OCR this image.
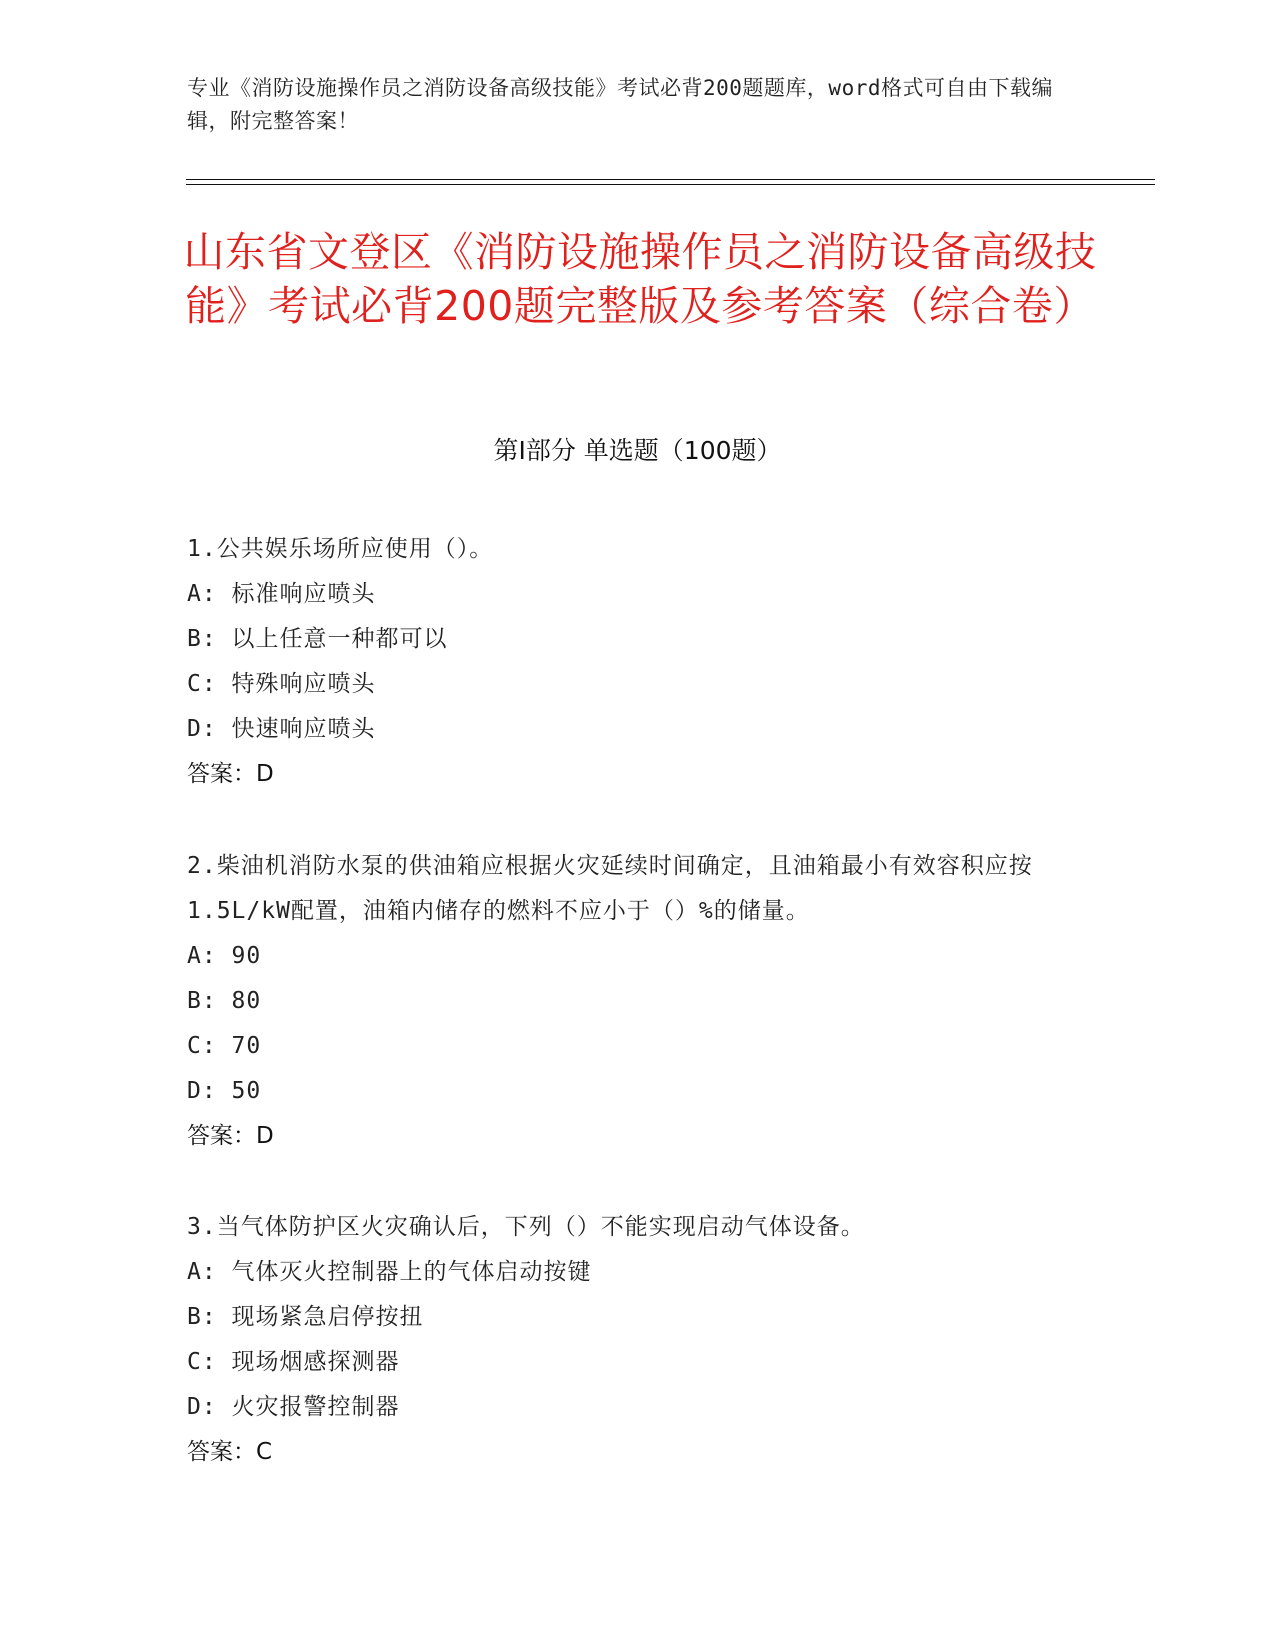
专业《消防设施操作员之消防设备高级技能》考试必背200题题库，word格式可自由下载编辑，附完整答案！
山东省文登区《消防设施操作员之消防设备高级技能》考试必背200题完整版及参考答案（综合卷）
第I部分 单选题（100题）
1.公共娱乐场所应使用（）。
A: 标准响应喷头
B: 以上任意一种都可以
C: 特殊响应喷头
D: 快速响应喷头
答案：D
2.柴油机消防水泵的供油箱应根据火灾延续时间确定，且油箱最小有效容积应按1.5L/kW配置，油箱内储存的燃料不应小于（）%的储量。
A: 90
B: 80
C: 70
D: 50
答案：D
3.当气体防护区火灾确认后，下列（）不能实现启动气体设备。
A: 气体灭火控制器上的气体启动按键
B: 现场紧急启停按扭
C: 现场烟感探测器
D: 火灾报警控制器
答案：C
